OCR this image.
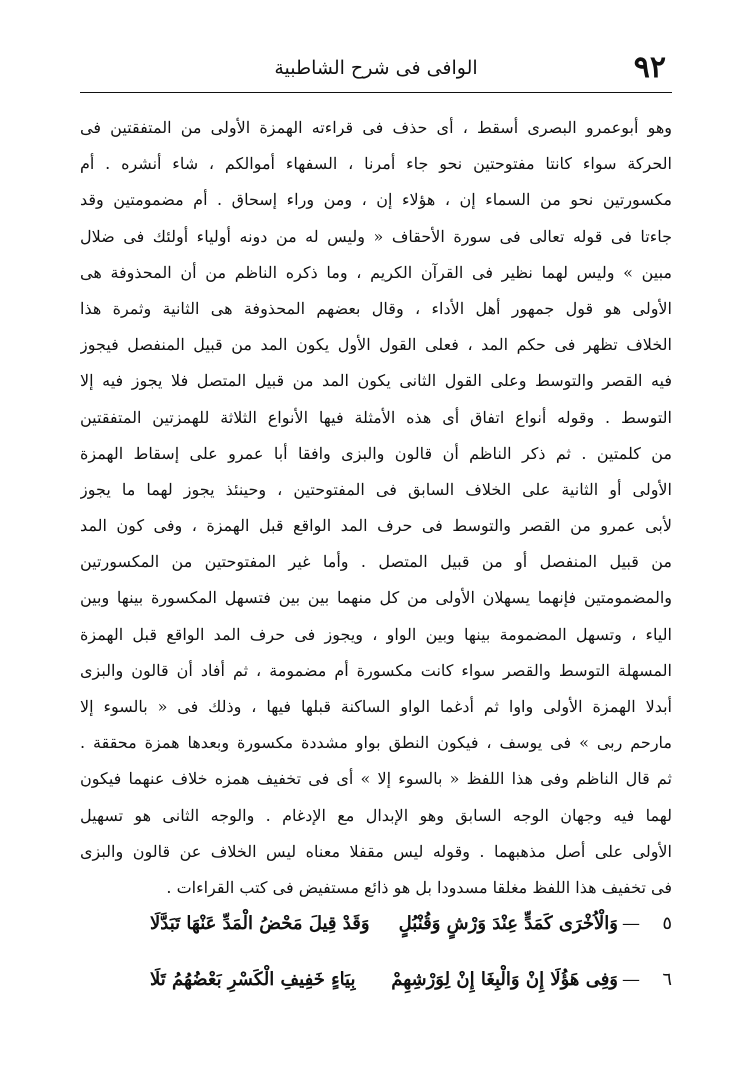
٩٢
الوافى فى شرح الشاطبية
وهو أبوعمرو البصرى أسقط ، أى حذف فى قراءته الهمزة الأولى من المتفقتين فى
الحركة سواء كانتا مفتوحتين نحو جاء أمرنا ، السفهاء أموالكم ، شاء أنشره . أم
مكسورتين نحو من السماء إن ، هؤلاء إن ، ومن وراء إسحاق . أم مضمومتين وقد
جاءتا فى قوله تعالى فى سورة الأحقاف « وليس له من دونه أولياء أولئك فى ضلال
مبين » وليس لهما نظير فى القرآن الكريم ، وما ذكره الناظم من أن المحذوفة هى
الأولى هو قول جمهور أهل الأداء ، وقال بعضهم المحذوفة هى الثانية وثمرة هذا
الخلاف تظهر فى حكم المد ، فعلى القول الأول يكون المد من قبيل المنفصل فيجوز
فيه القصر والتوسط وعلى القول الثانى يكون المد من قبيل المتصل فلا يجوز فيه إلا
التوسط . وقوله أنواع اتفاق أى هذه الأمثلة فيها الأنواع الثلاثة للهمزتين المتفقتين
من كلمتين . ثم ذكر الناظم أن قالون والبزى وافقا أبا عمرو على إسقاط الهمزة
الأولى أو الثانية على الخلاف السابق فى المفتوحتين ، وحينئذ يجوز لهما ما يجوز
لأبى عمرو من القصر والتوسط فى حرف المد الواقع قبل الهمزة ، وفى كون المد
من قبيل المنفصل أو من قبيل المتصل . وأما غير المفتوحتين من المكسورتين
والمضمومتين فإنهما يسهلان الأولى من كل منهما بين بين فتسهل المكسورة بينها وبين
الياء ، وتسهل المضمومة بينها وبين الواو ، ويجوز فى حرف المد الواقع قبل الهمزة
المسهلة التوسط والقصر سواء كانت مكسورة أم مضمومة ، ثم أفاد أن قالون والبزى
أبدلا الهمزة الأولى واوا ثم أدغما الواو الساكنة قبلها فيها ، وذلك فى « بالسوء إلا
مارحم ربى » فى يوسف ، فيكون النطق بواو مشددة مكسورة وبعدها همزة محققة .
ثم قال الناظم وفى هذا اللفظ « بالسوء إلا » أى فى تخفيف همزه خلاف عنهما فيكون
لهما فيه وجهان الوجه السابق وهو الإبدال مع الإدغام . والوجه الثانى هو تسهيل
الأولى على أصل مذهبهما . وقوله ليس مقفلا معناه ليس الخلاف عن قالون والبزى
فى تخفيف هذا اللفظ مغلقا مسدودا بل هو ذائع مستفيض فى كتب القراءات .
٥
—
وَالْاُخْرَى كَمَدٍّ عِنْدَ وَرْشٍ وَقُنْبُلٍ
وَقَدْ قِيلَ مَحْضُ الْمَدِّ عَنْهَا تَبَدَّلَا
٦
—
وَفِى هَؤُلَا إِنْ وَالْبِغَا إِنْ لِوَرْشِهِمْ
بِيَاءٍ خَفِيفِ الْكَسْرِ بَعْضُهُمُ تَلَا
